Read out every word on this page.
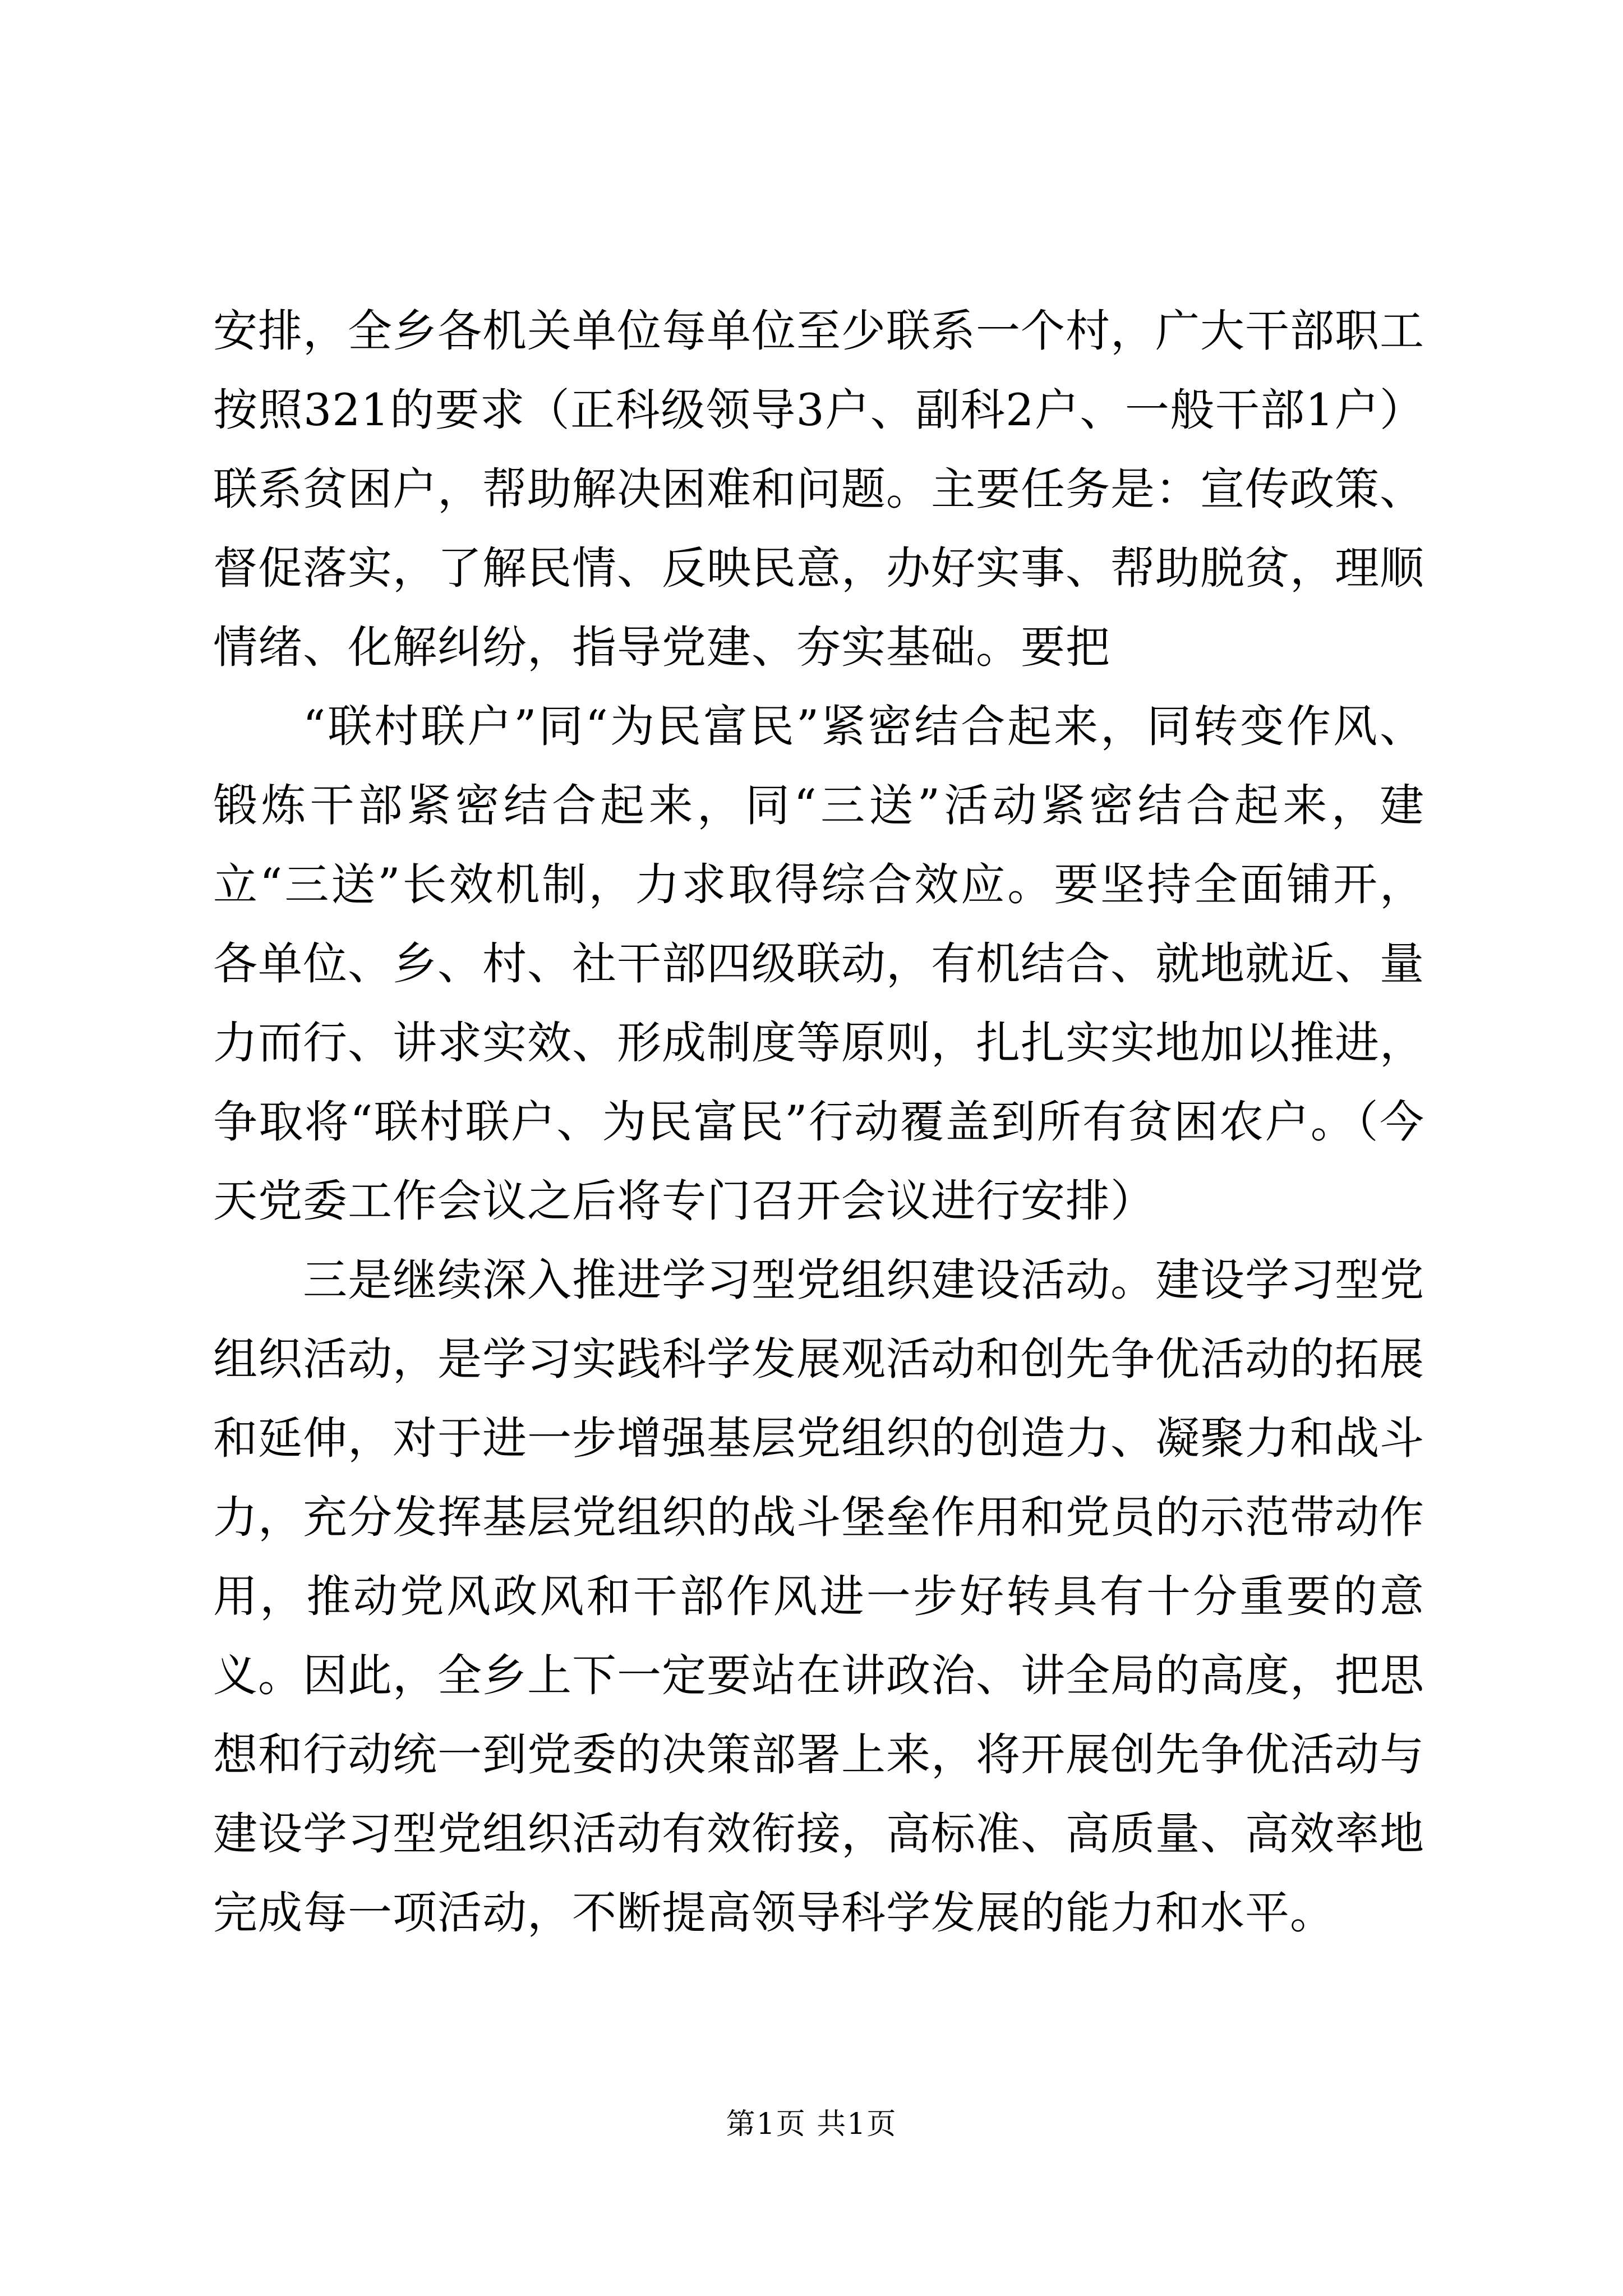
安排，全乡各机关单位每单位至少联系一个村，广大干部职工按照321的要求（正科级领导3户、副科2户、一般干部1户）联系贫困户，帮助解决困难和问题。主要任务是：宣传政策、督促落实，了解民情、反映民意，办好实事、帮助脱贫，理顺情绪、化解纠纷，指导党建、夯实基础。要把

“联村联户”同“为民富民”紧密结合起来，同转变作风、锻炼干部紧密结合起来，同“三送”活动紧密结合起来，建立“三送”长效机制，力求取得综合效应。要坚持全面铺开，各单位、乡、村、社干部四级联动，有机结合、就地就近、量力而行、讲求实效、形成制度等原则，扎扎实实地加以推进，争取将“联村联户、为民富民”行动覆盖到所有贫困农户。（今天党委工作会议之后将专门召开会议进行安排）

三是继续深入推进学习型党组织建设活动。建设学习型党组织活动，是学习实践科学发展观活动和创先争优活动的拓展和延伸，对于进一步增强基层党组织的创造力、凝聚力和战斗力，充分发挥基层党组织的战斗堡垒作用和党员的示范带动作用，推动党风政风和干部作风进一步好转具有十分重要的意义。因此，全乡上下一定要站在讲政治、讲全局的高度，把思想和行动统一到党委的决策部署上来，将开展创先争优活动与建设学习型党组织活动有效衔接，高标准、高质量、高效率地完成每一项活动，不断提高领导科学发展的能力和水平。

第1页 共1页
